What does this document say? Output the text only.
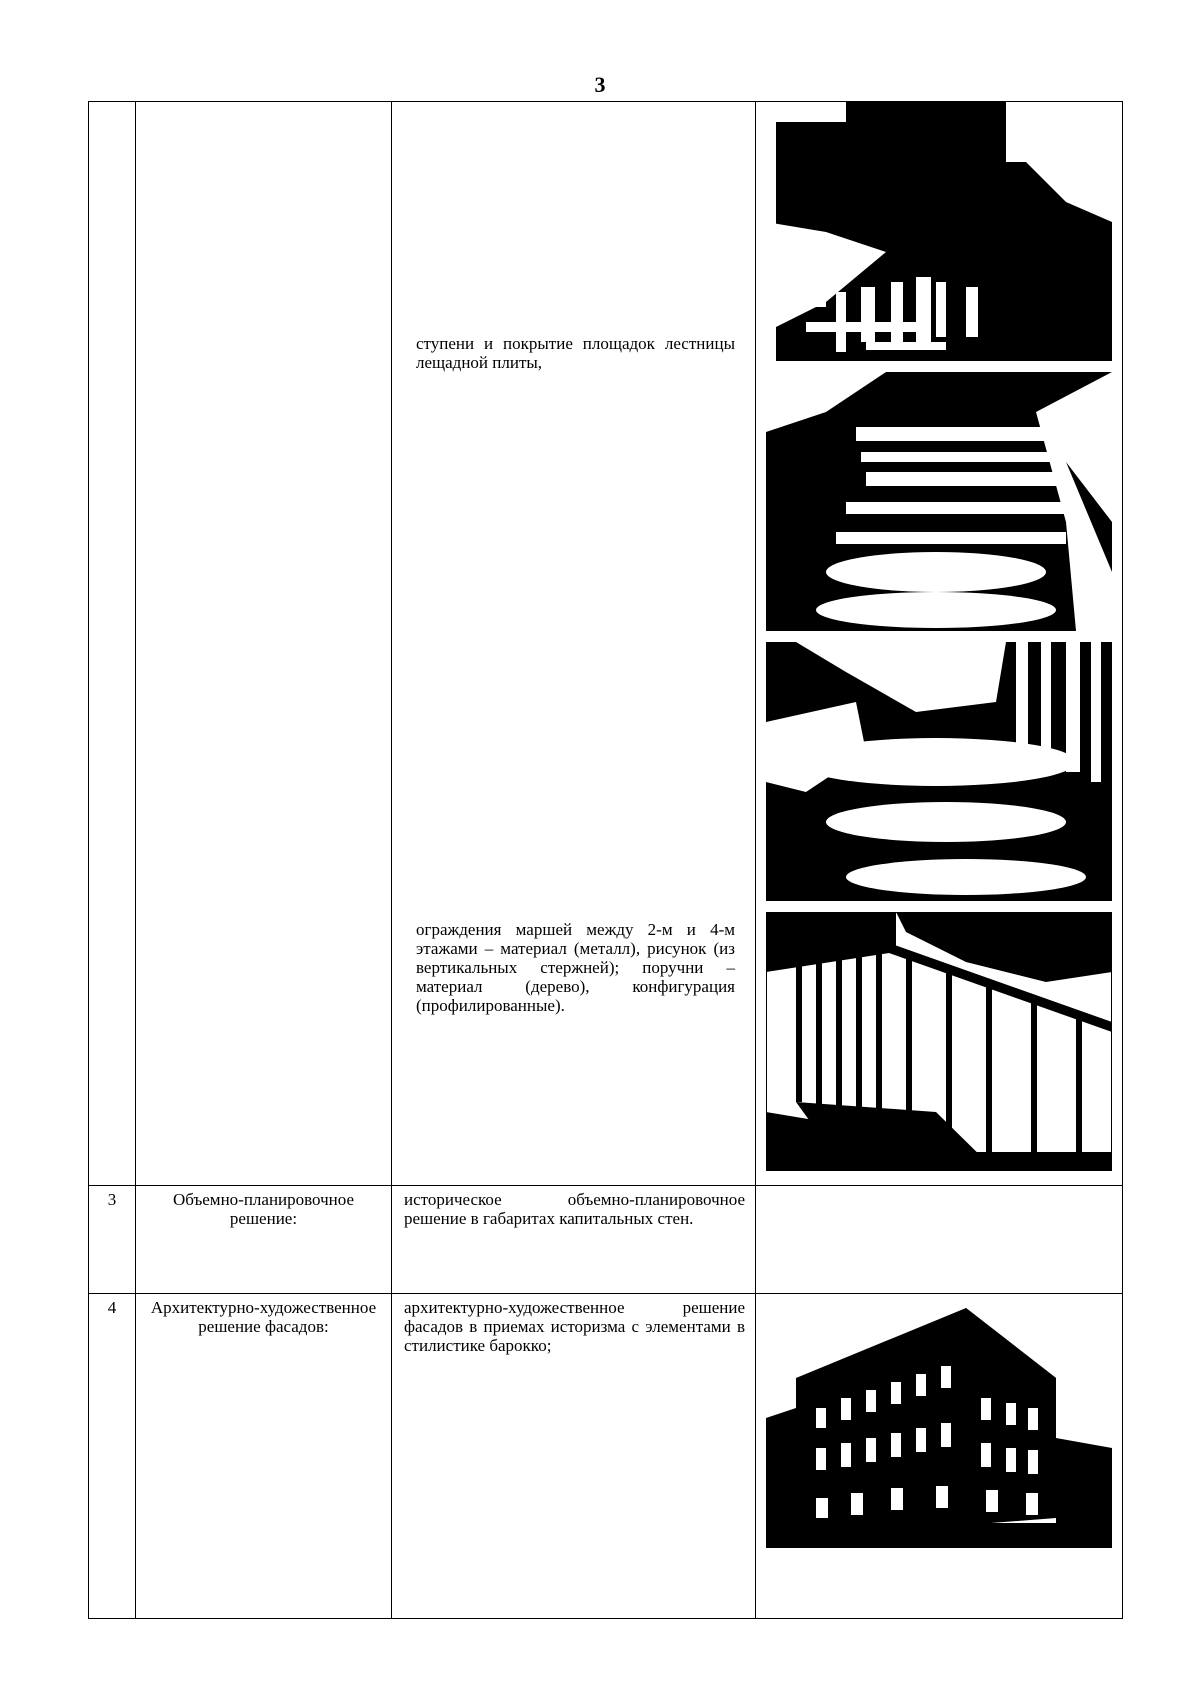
3

		ступени и покрытие площадок лестницы лещадной плиты,
ограждения маршей между 2-м и 4-м этажами – материал (металл), рисунок (из вертикальных стержней); поручни – материал (дерево), конфигурация (профилированные).

3	Объемно-планировочное решение:	историческое объемно-планировочное решение в габаритах капитальных стен.	

4	Архитектурно-художественное решение фасадов:	архитектурно-художественное решение фасадов в приемах историзма с элементами в стилистике барокко;
